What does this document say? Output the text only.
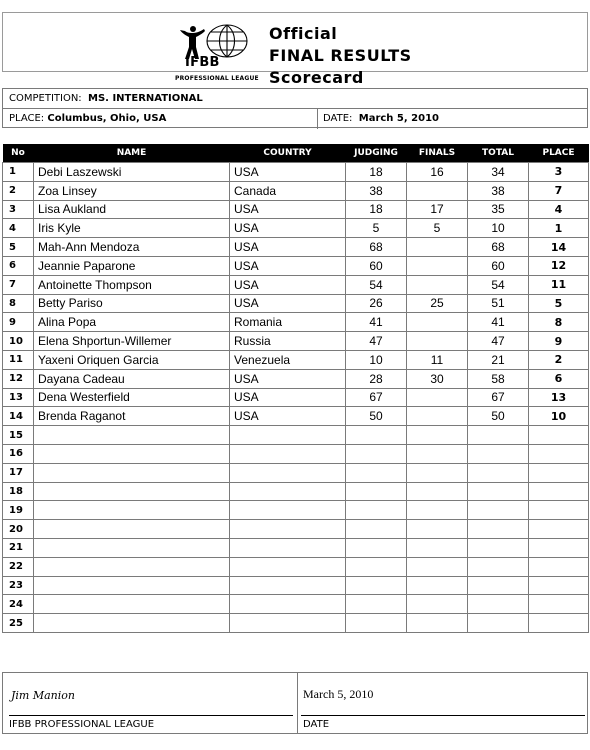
IFBB
PROFESSIONAL LEAGUE
Official
FINAL RESULTS
Scorecard
COMPETITION: MS. INTERNATIONAL
PLACE: Columbus, Ohio, USA	DATE: March 5, 2010
No	NAME	COUNTRY	JUDGING	FINALS	TOTAL	PLACE
1	Debi Laszewski	USA	18	16	34	3
2	Zoa Linsey	Canada	38		38	7
3	Lisa Aukland	USA	18	17	35	4
4	Iris Kyle	USA	5	5	10	1
5	Mah-Ann Mendoza	USA	68		68	14
6	Jeannie Paparone	USA	60		60	12
7	Antoinette Thompson	USA	54		54	11
8	Betty Pariso	USA	26	25	51	5
9	Alina Popa	Romania	41		41	8
10	Elena Shportun-Willemer	Russia	47		47	9
11	Yaxeni Oriquen Garcia	Venezuela	10	11	21	2
12	Dayana Cadeau	USA	28	30	58	6
13	Dena Westerfield	USA	67		67	13
14	Brenda Raganot	USA	50		50	10
15						
16						
17						
18						
19						
20						
21						
22						
23						
24						
25						
Jim Manion
IFBB PROFESSIONAL LEAGUE
March 5, 2010
DATE
